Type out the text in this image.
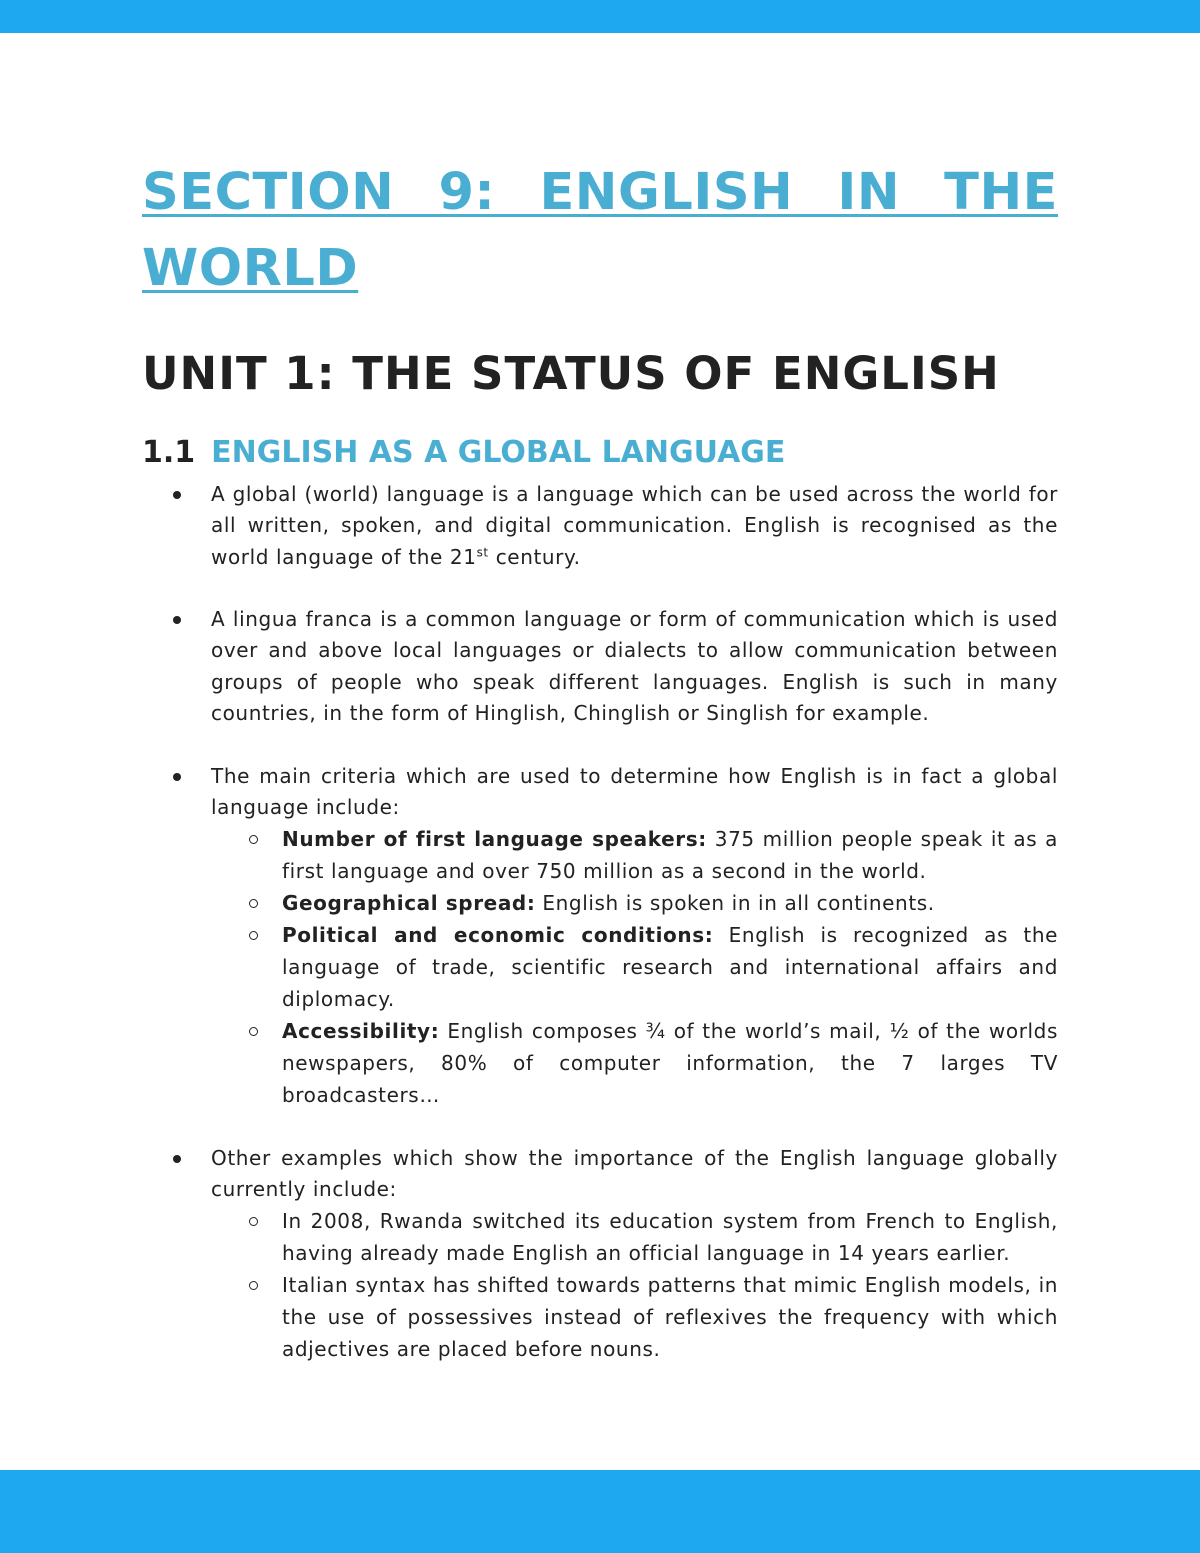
SECTION 9: ENGLISH IN THE WORLD
UNIT 1: THE STATUS OF ENGLISH
1.1 ENGLISH AS A GLOBAL LANGUAGE
A global (world) language is a language which can be used across the world for all written, spoken, and digital communication. English is recognised as the world language of the 21st century.
A lingua franca is a common language or form of communication which is used over and above local languages or dialects to allow communication between groups of people who speak different languages. English is such in many countries, in the form of Hinglish, Chinglish or Singlish for example.
The main criteria which are used to determine how English is in fact a global language include:
Number of first language speakers: 375 million people speak it as a first language and over 750 million as a second in the world.
Geographical spread: English is spoken in in all continents.
Political and economic conditions: English is recognized as the language of trade, scientific research and international affairs and diplomacy.
Accessibility: English composes ¾ of the world’s mail, ½ of the worlds newspapers, 80% of computer information, the 7 larges TV broadcasters…
Other examples which show the importance of the English language globally currently include:
In 2008, Rwanda switched its education system from French to English, having already made English an official language in 14 years earlier.
Italian syntax has shifted towards patterns that mimic English models, in the use of possessives instead of reflexives the frequency with which adjectives are placed before nouns.
